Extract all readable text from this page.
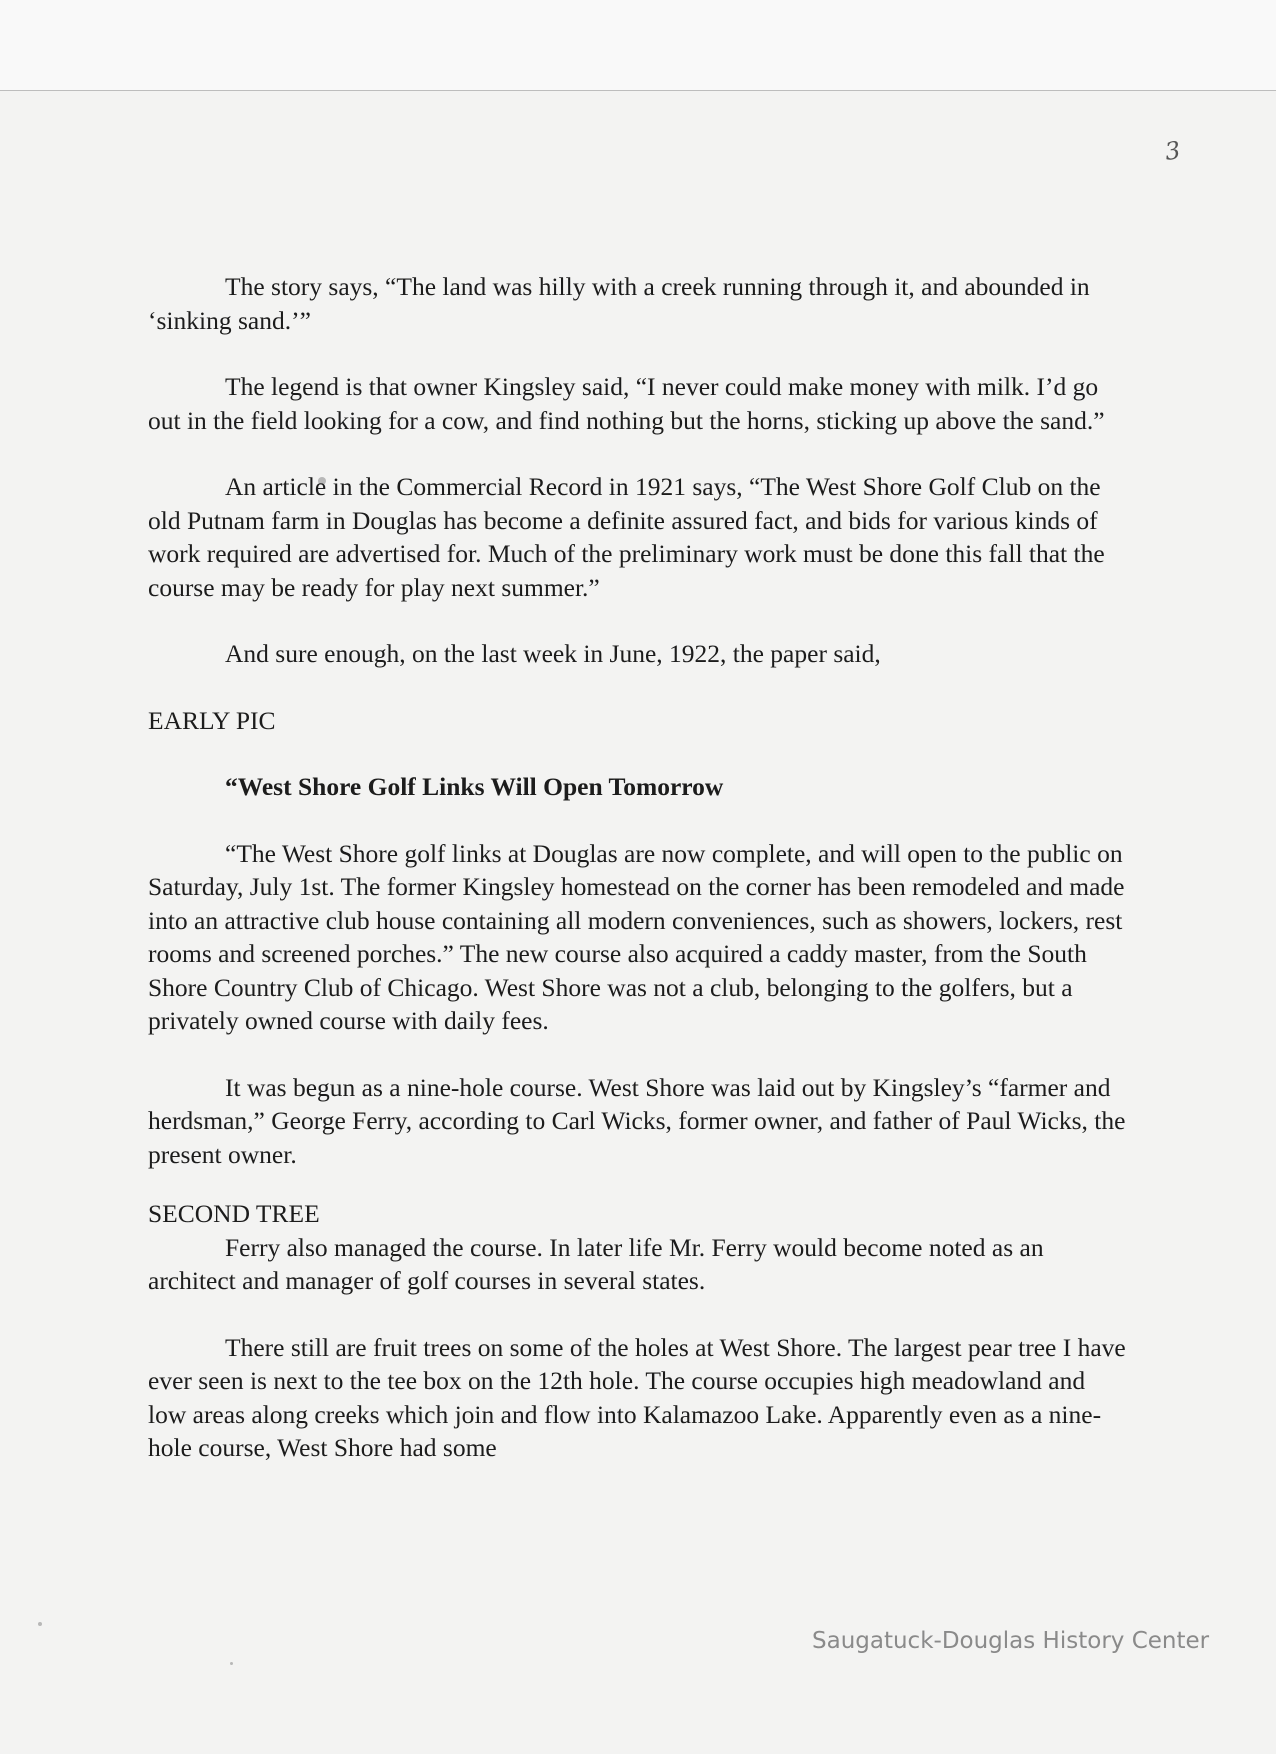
3

The story says, “The land was hilly with a creek running through it, and abounded in ‘sinking sand.’”

The legend is that owner Kingsley said, “I never could make money with milk. I’d go out in the field looking for a cow, and find nothing but the horns, sticking up above the sand.”

An article in the Commercial Record in 1921 says, “The West Shore Golf Club on the old Putnam farm in Douglas has become a definite assured fact, and bids for various kinds of work required are advertised for. Much of the preliminary work must be done this fall that the course may be ready for play next summer.”

And sure enough, on the last week in June, 1922, the paper said,

EARLY PIC

“West Shore Golf Links Will Open Tomorrow

“The West Shore golf links at Douglas are now complete, and will open to the public on Saturday, July 1st. The former Kingsley homestead on the corner has been remodeled and made into an attractive club house containing all modern conveniences, such as showers, lockers, rest rooms and screened porches.” The new course also acquired a caddy master, from the South Shore Country Club of Chicago. West Shore was not a club, belonging to the golfers, but a privately owned course with daily fees.

It was begun as a nine-hole course. West Shore was laid out by Kingsley’s “farmer and herdsman,” George Ferry, according to Carl Wicks, former owner, and father of Paul Wicks, the present owner.

SECOND TREE

Ferry also managed the course. In later life Mr. Ferry would become noted as an architect and manager of golf courses in several states.

There still are fruit trees on some of the holes at West Shore. The largest pear tree I have ever seen is next to the tee box on the 12th hole. The course occupies high meadowland and low areas along creeks which join and flow into Kalamazoo Lake. Apparently even as a nine-hole course, West Shore had some

Saugatuck-Douglas History Center
